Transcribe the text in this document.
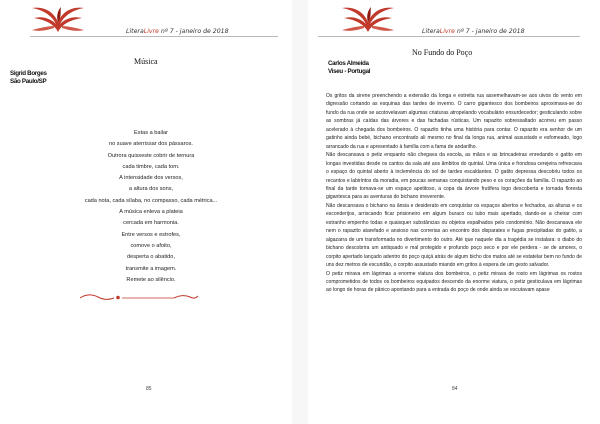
LiteraLivre nº 7 - janeiro de 2018
Música
Sigrid Borges
São Paulo/SP
Estas a bailar
no suave aterrissar dos pássaros.
Outrora quisseste cobrir de ternura
cada timbre, cada tom.
A intensidade dos versos,
a altura dos sons,
cada nota, cada sílaba, no compasso, cada métrica...
A música enleva a plateia
cercada em harmonia.
Entre versos e estrofes,
comove o afoito,
desperta o abatido,
transmite a imagem.
Remete ao silêncio.
85
LiteraLivre nº 7 - janeiro de 2018
No Fundo do Poço
Carlos Almeida
Viseu - Portugal

Os gritos da sirene preenchendo a extensão da longa e estreita rua assemelhavam-se aos uivos do vento em digressão cortando as esquinas das tardes de inverno. O carro gigantesco dos bombeiros aproximava-se do fundo da rua onde se acotovelavam algumas criaturas atropelando vocabulário ensurdecedor; gesticulando sobre as sombras já caídas das árvores e das fachadas rústicas. Um rapazito sobressaltado acorreu em passo acelerado à chegada dos bombeiros. O rapazito tinha uma história para contar. O rapazito era senhor de um gatinho ainda bebé, bichano encontrado ali mesmo no final da longa rua, animal assustado e esfomeado, logo arrancado da rua e apresentado à família com a fama de andarilho.

Não descansava o petiz enquanto não chegava da escola, as mãos e as brincadeiras enredando o gatito em longas investidas desde os cantos da sala até aos âmbitos do quintal. Uma única e frondosa cerejeira refrescava o espaço do quintal aberto à inclemência do sol de tardes escaldantes. O gatito depressa descobriu todos os recantos e labirintos da moradia, em poucas semanas conquistando peso e os corações da família. O rapazito ao final da tarde tornava-se um espaço apetitoso, a copa da árvore frutífera logo descoberta e tornada floresta gigantesca para as aventuras do bichano irreverente.

Não descansava o bichano na ânsia e desiderato em conquistar os espaços abertos e fechados, as alturas e os esconderijos, arriscando ficar prisioneiro em algum buraco ou tubo mais apertado, dando-se a cheirar com estranho empenho todas e quaisquer substâncias ou objetos espalhados pelo condomínio. Não descansava ele nem o rapazito atarefado e ansioso nas correrias ao encontro dos disparates e fugas precipitadas do gatito, a algazarra de um transformada no divertimento do outro. Até que naquele dia a tragédia se instalara: o diabo do bichano descobrira um antiquado e mal protegido e profundo poço seco e por ele perdera - se de amores, o corpito apertado lançado adentro do poço quiçá atrás de algum bicho dos matos até se estatelar bem no fundo de uns dez metros de escuridão, o corpito assustado miando em gritos à espera de um gesto salvador.

O petiz mirava em lágrimas a enorme viatura dos bombeiros, o petiz mirava de rosto em lágrimas os rostos comprometidos de todos os bombeiros equipados descendo da enorme viatura, o petiz gesticulava em lágrimas ao longo de horas de pânico apontando para a entrada do poço de onde ainda se escutavam apase

84
